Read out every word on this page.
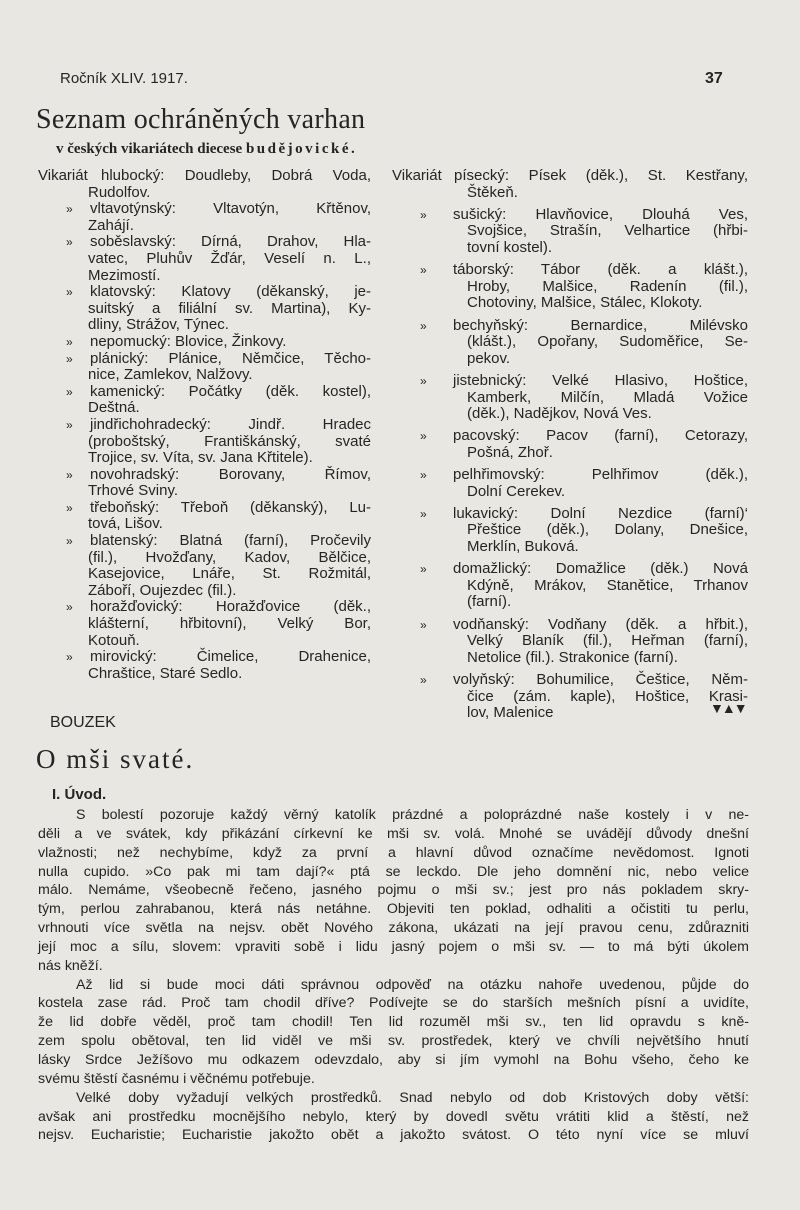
Ročník XLIV. 1917.	37
Seznam ochráněných varhan
v českých vikariátech diecese budějovické.
Vikariát hlubocký: Doudleby, Dobrá Voda,
Rudolfov.
» vltavotýnský: Vltavotýn, Křtěnov,
Zahájí.
» soběslavský: Dírná, Drahov, Hla-
vatec, Pluhův Žďár, Veselí n. L.,
Mezimostí.
» klatovský: Klatovy (děkanský, je-
suitský a filiální sv. Martina), Ky-
dliny, Strážov, Týnec.
» nepomucký: Blovice, Žinkovy.
» plánický: Plánice, Němčice, Těcho-
nice, Zamlekov, Nalžovy.
» kamenický: Počátky (děk. kostel),
Deštná.
» jindřichohradecký: Jindř. Hradec
(proboštský, Františkánský, svaté
Trojice, sv. Víta, sv. Jana Křtitele).
» novohradský: Borovany, Římov,
Trhové Sviny.
» třeboňský: Třeboň (děkanský), Lu-
tová, Lišov.
» blatenský: Blatná (farní), Pročevily
(fil.), Hvožďany, Kadov, Bělčice,
Kasejovice, Lnáře, St. Rožmitál,
Záboří, Oujezdec (fil.).
» horažďovický: Horažďovice (děk.,
klášterní, hřbitovní), Velký Bor,
Kotouň.
» mirovický: Čimelice, Drahenice,
Chraštice, Staré Sedlo.
Vikariát písecký: Písek (děk.), St. Kestřany,
Štěkeň.
» sušický: Hlavňovice, Dlouhá Ves,
Svojšice, Strašín, Velhartice (hřbi-
tovní kostel).
» táborský: Tábor (děk. a klášt.),
Hroby, Malšice, Radenín (fil.),
Chotoviny, Malšice, Stálec, Klokoty.
» bechyňský: Bernardice, Milévsko
(klášt.), Opořany, Sudoměřice, Se-
pekov.
» jistebnický: Velké Hlasivo, Hoštice,
Kamberk, Milčín, Mladá Vožice
(děk.), Nadějkov, Nová Ves.
» pacovský: Pacov (farní), Cetorazy,
Pošná, Zhoř.
» pelhřimovský: Pelhřimov (děk.),
Dolní Cerekev.
» lukavický: Dolní Nezdice (farní)‘
Přeštice (děk.), Dolany, Dnešice,
Merklín, Buková.
» domažlický: Domažlice (děk.) Nová
Kdýně, Mrákov, Stanětice, Trhanov
(farní).
» vodňanský: Vodňany (děk. a hřbit.),
Velký Blaník (fil.), Heřman (farní),
Netolice (fil.). Strakonice (farní).
» volyňský: Bohumilice, Češtice, Něm-
čice (zám. kaple), Hoštice, Krasi-
lov, Malenice	▼▲▼
BOUZEK
O mši svaté.
I. Úvod.
S bolestí pozoruje každý věrný katolík prázdné a poloprázdné naše kostely i v ne-
děli a ve svátek, kdy přikázání církevní ke mši sv. volá. Mnohé se uvádějí důvody dnešní
vlažnosti; než nechybíme, když za první a hlavní důvod označíme nevědomost. Ignoti
nulla cupido. »Co pak mi tam dají?« ptá se leckdo. Dle jeho domnění nic, nebo velice
málo. Nemáme, všeobecně řečeno, jasného pojmu o mši sv.; jest pro nás pokladem skry-
tým, perlou zahrabanou, která nás netáhne. Objeviti ten poklad, odhaliti a očistiti tu perlu,
vrhnouti více světla na nejsv. obět Nového zákona, ukázati na její pravou cenu, zdůrazniti
její moc a sílu, slovem: vpraviti sobě i lidu jasný pojem o mši sv. — to má býti úkolem
nás kněží.
Až lid si bude moci dáti správnou odpověď na otázku nahoře uvedenou, půjde do
kostela zase rád. Proč tam chodil dříve? Podívejte se do starších mešních písní a uvidíte,
že lid dobře věděl, proč tam chodil! Ten lid rozuměl mši sv., ten lid opravdu s kně-
zem spolu obětoval, ten lid viděl ve mši sv. prostředek, který ve chvíli největšího hnutí
lásky Srdce Ježíšovo mu odkazem odevzdalo, aby si jím vymohl na Bohu všeho, čeho ke
svému štěstí časnému i věčnému potřebuje.
Velké doby vyžadují velkých prostředků. Snad nebylo od dob Kristových doby větší:
avšak ani prostředku mocnějšího nebylo, který by dovedl světu vrátiti klid a štěstí, než
nejsv. Eucharistie; Eucharistie jakožto obět a jakožto svátost. O této nyní více se mluví
